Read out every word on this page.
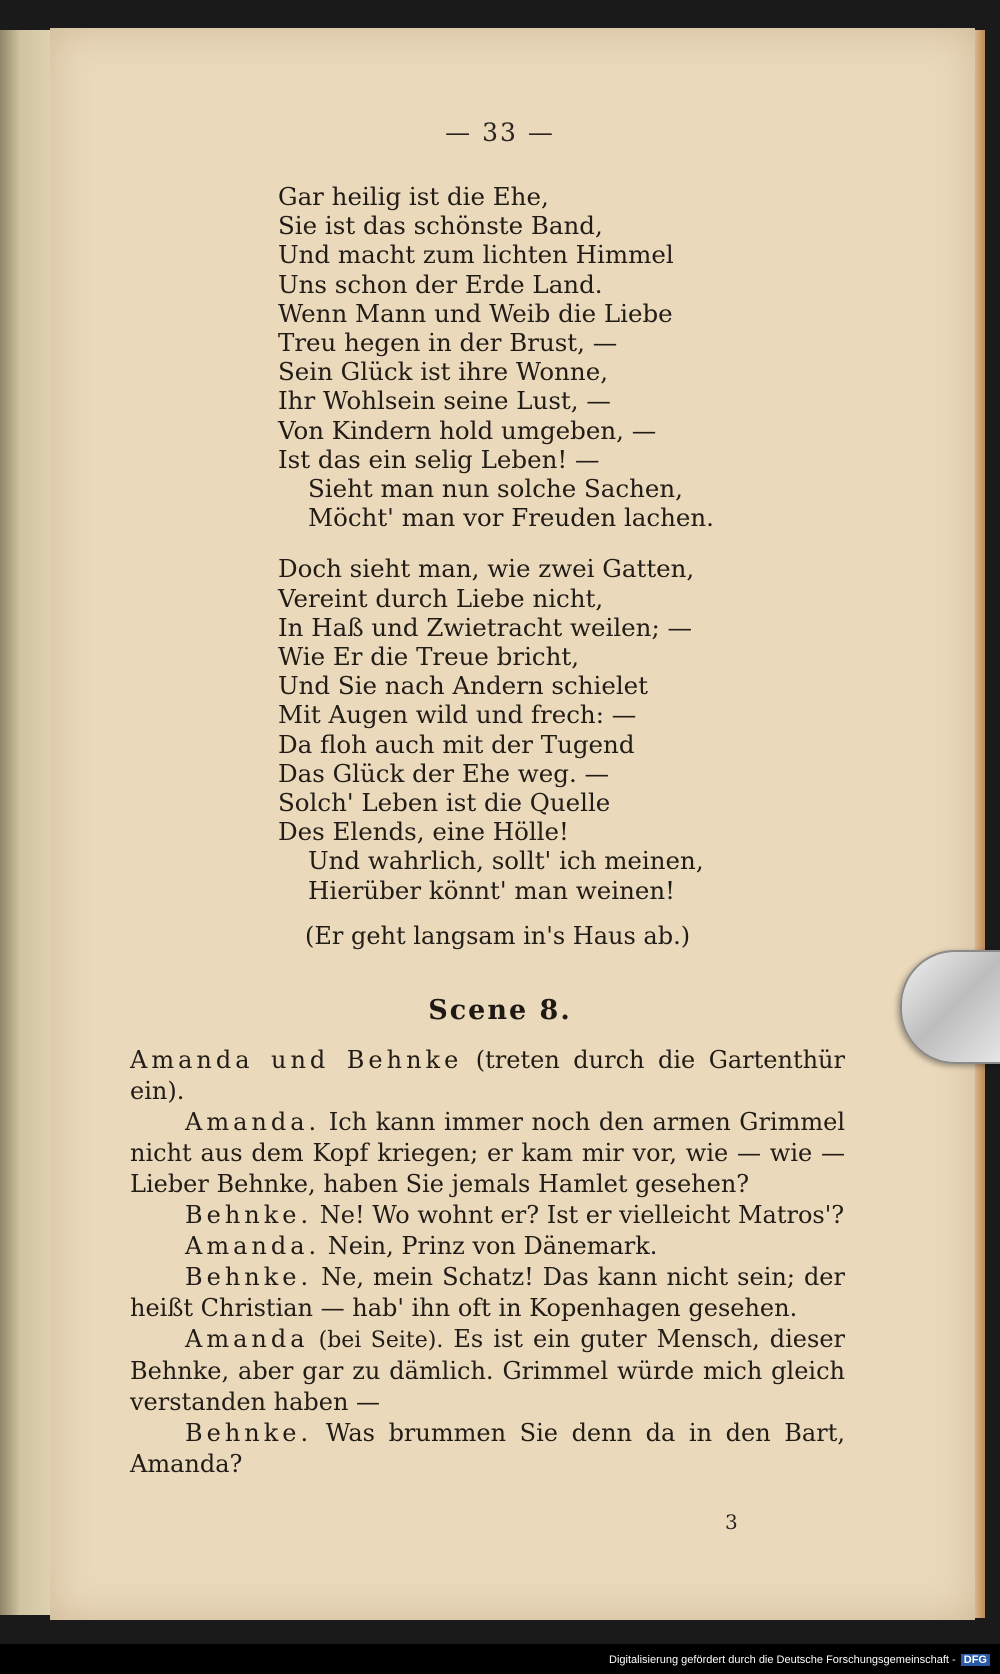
— 33 —
Gar heilig ist die Ehe,
Sie ist das schönste Band,
Und macht zum lichten Himmel
Uns schon der Erde Land.
Wenn Mann und Weib die Liebe
Treu hegen in der Brust, —
Sein Glück ist ihre Wonne,
Ihr Wohlsein seine Lust, —
Von Kindern hold umgeben, —
Ist das ein selig Leben! —
Sieht man nun solche Sachen,
Möcht' man vor Freuden lachen.
Doch sieht man, wie zwei Gatten,
Vereint durch Liebe nicht,
In Haß und Zwietracht weilen; —
Wie Er die Treue bricht,
Und Sie nach Andern schielet
Mit Augen wild und frech: —
Da floh auch mit der Tugend
Das Glück der Ehe weg. —
Solch' Leben ist die Quelle
Des Elends, eine Hölle!
Und wahrlich, sollt' ich meinen,
Hierüber könnt' man weinen!
(Er geht langsam in's Haus ab.)
Scene 8.

Amanda und Behnke (treten durch die Gartenthür ein).

Amanda. Ich kann immer noch den armen Grimmel nicht aus dem Kopf kriegen; er kam mir vor, wie — wie — Lieber Behnke, haben Sie jemals Hamlet gesehen?

Behnke. Ne! Wo wohnt er? Ist er vielleicht Matros'?

Amanda. Nein, Prinz von Dänemark.

Behnke. Ne, mein Schatz! Das kann nicht sein; der heißt Christian — hab' ihn oft in Kopenhagen gesehen.

Amanda (bei Seite). Es ist ein guter Mensch, dieser Behnke, aber gar zu dämlich. Grimmel würde mich gleich verstanden haben —

Behnke. Was brummen Sie denn da in den Bart, Amanda?

3
Digitalisierung gefördert durch die Deutsche Forschungsgemeinschaft - DFG
